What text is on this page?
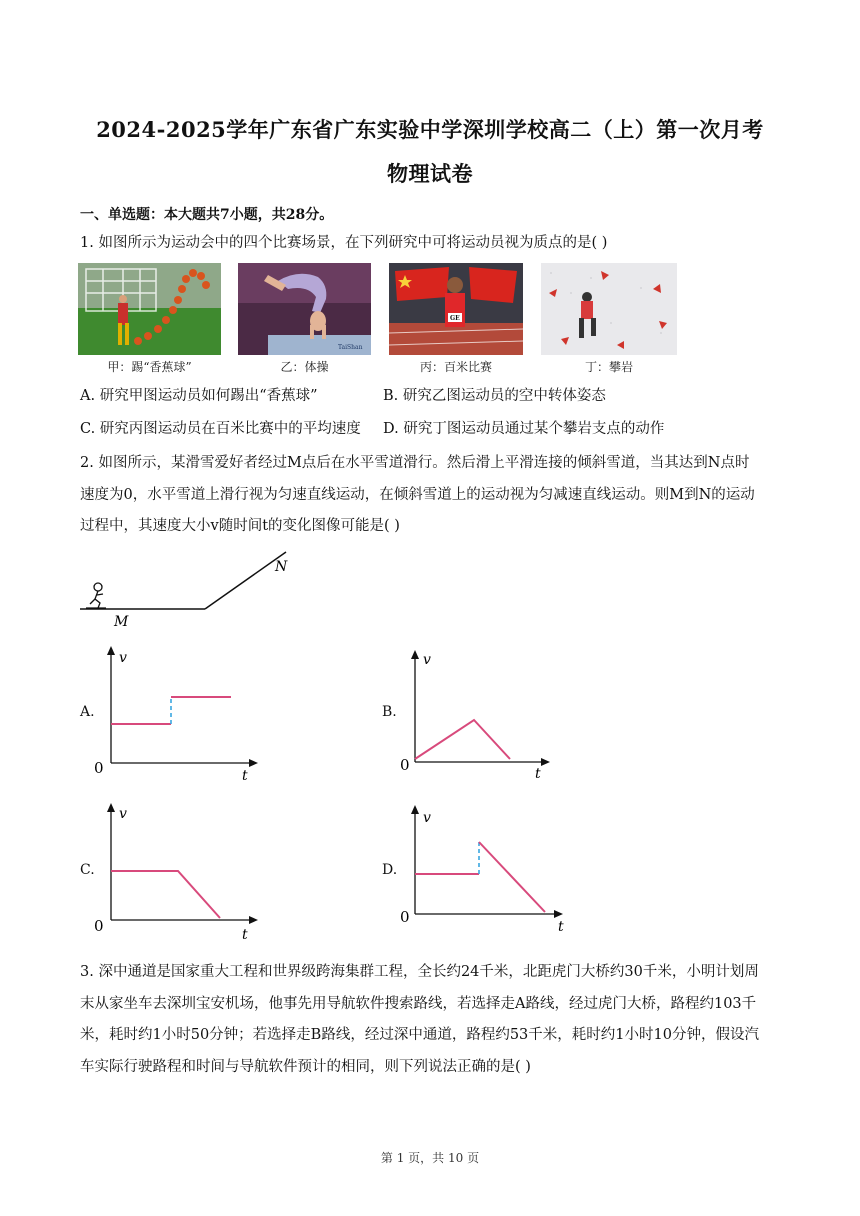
2024-2025学年广东省广东实验中学深圳学校高二（上）第一次月考
物理试卷
一、单选题：本大题共7小题，共28分。
1. 如图所示为运动会中的四个比赛场景，在下列研究中可将运动员视为质点的是( )
甲：踢“香蕉球”
TaiShan
乙：体操
GE
丙：百米比赛	丁：攀岩
A. 研究甲图运动员如何踢出“香蕉球”	B. 研究乙图运动员的空中转体姿态
C. 研究丙图运动员在百米比赛中的平均速度 D. 研究丁图运动员通过某个攀岩支点的动作
2. 如图所示，某滑雪爱好者经过M点后在水平雪道滑行。然后滑上平滑连接的倾斜雪道，当其达到N点时
速度为0，水平雪道上滑行视为匀速直线运动，在倾斜雪道上的运动视为匀减速直线运动。则M到N的运动
过程中，其速度大小v随时间t的变化图像可能是( )
M
N
A.
v
t
0
B.
v
t
0
C.
v
t
0
D.
v
t
0
3. 深中通道是国家重大工程和世界级跨海集群工程，全长约24千米，北距虎门大桥约30千米，小明计划周
末从家坐车去深圳宝安机场，他事先用导航软件搜索路线，若选择走A路线，经过虎门大桥，路程约103千
米，耗时约1小时50分钟；若选择走B路线，经过深中通道，路程约53千米，耗时约1小时10分钟，假设汽
车实际行驶路程和时间与导航软件预计的相同，则下列说法正确的是( )
第 1 页，共 10 页
